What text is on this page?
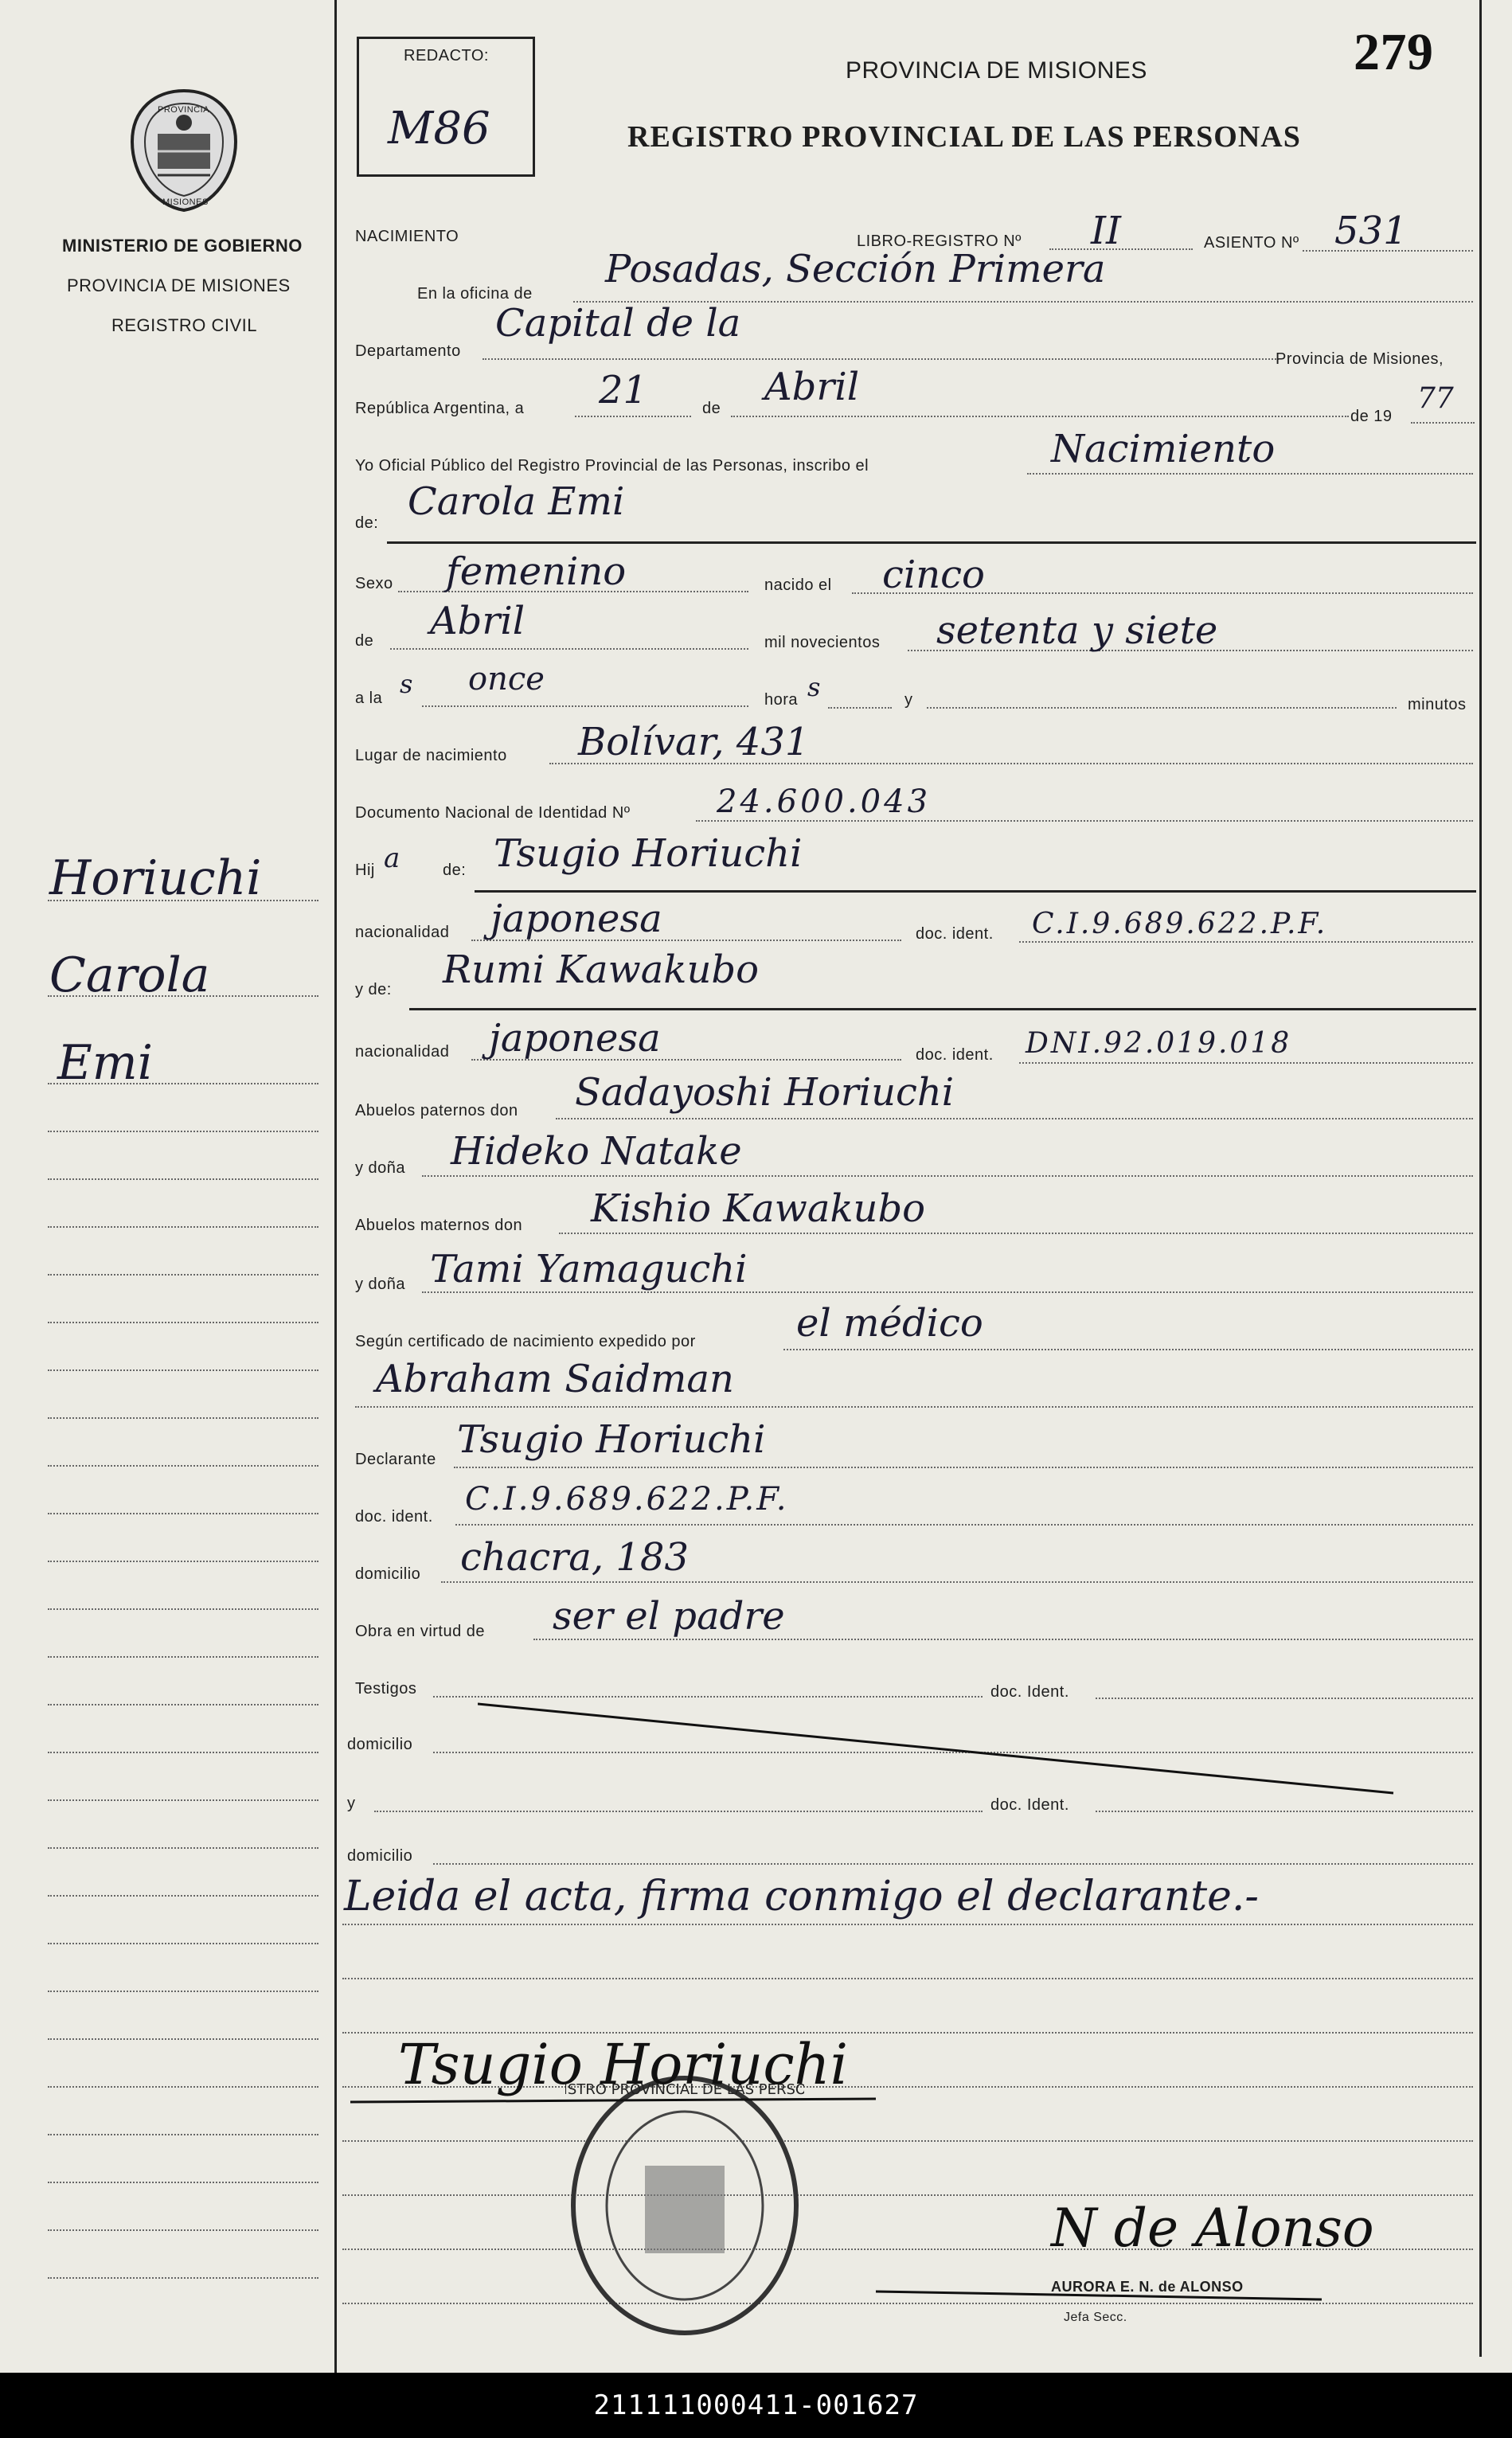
279
REDACTO:
M86
PROVINCIA DE MISIONES
REGISTRO PROVINCIAL DE LAS PERSONAS
PROVINCIA
MISIONES
MINISTERIO DE GOBIERNO
PROVINCIA DE MISIONES
REGISTRO CIVIL
Horiuchi
Carola
Emi
NACIMIENTO	LIBRO-REGISTRO Nº II	ASIENTO Nº 531
En la oficina de
Posadas, Sección Primera
Departamento
Capital de la
Provincia de Misiones,
República Argentina, a 21	de Abril
de 19
77
Yo Oficial Público del Registro Provincial de las Personas, inscribo el	Nacimiento
de: Carola Emi
Sexo femenino	nacido el cinco
de Abril	mil novecientos setenta y siete
a la s once
hora s	y	minutos
Lugar de nacimiento Bolívar, 431
Documento Nacional de Identidad Nº	24.600.043
Hij a	de: Tsugio Horiuchi
nacionalidad japonesa	doc. ident. C.I.9.689.622.P.F.
y de: Rumi Kawakubo
nacionalidad japonesa	doc. ident. DNI.92.019.018
Abuelos paternos don Sadayoshi Horiuchi
y doña Hideko Natake
Abuelos maternos don Kishio Kawakubo
y doña Tami Yamaguchi
Según certificado de nacimiento expedido por	el médico
Abraham Saidman
Declarante Tsugio Horiuchi
doc. ident. C.I.9.689.622.P.F.
domicilio chacra, 183
Obra en virtud de ser el padre
Testigos	doc. Ident.
domicilio
y	doc. Ident.
domicilio
Leida el acta, firma conmigo el declarante.-
ISTRO PROVINCIAL DE LAS PERSO
Tsugio Horiuchi
N de Alonso
AURORA E. N. de ALONSO
Jefa Secc.
211111000411-001627
